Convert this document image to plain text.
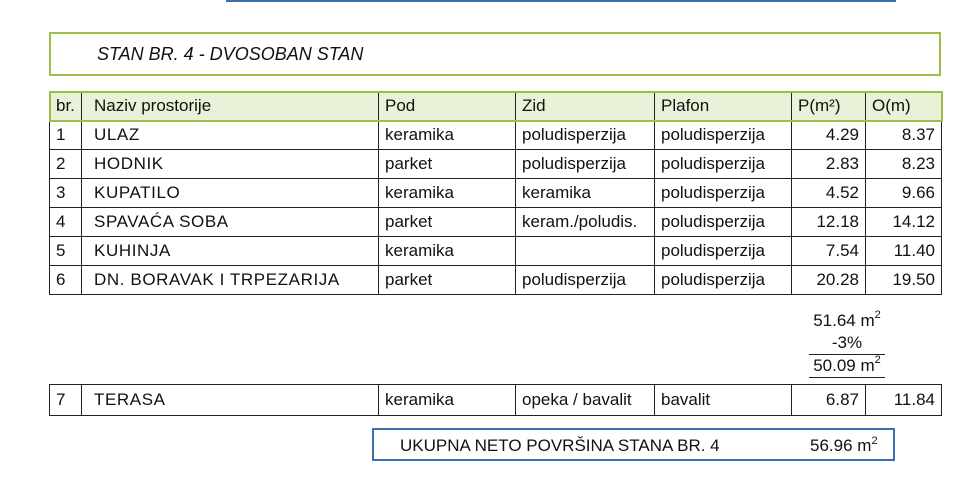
STAN BR. 4 - DVOSOBAN STAN
br.	Naziv prostorije	Pod	Zid	Plafon	P(m²)	O(m)
1	ULAZ	keramika	poludisperzija	poludisperzija	4.29	8.37
2	HODNIK	parket	poludisperzija	poludisperzija	2.83	8.23
3	KUPATILO	keramika	keramika	poludisperzija	4.52	9.66
4	SPAVAĆA SOBA	parket	keram./poludis.	poludisperzija	12.18	14.12
5	KUHINJA	keramika		poludisperzija	7.54	11.40
6	DN. BORAVAK I TRPEZARIJA	parket	poludisperzija	poludisperzija	20.28	19.50
51.64 $m^2$
-3%
50.09 $m^2$
7	TERASA	keramika	opeka / bavalit	bavalit	6.87	11.84
UKUPNA NETO POVRŠINA STANA BR. 4	56.96 $m^2$
